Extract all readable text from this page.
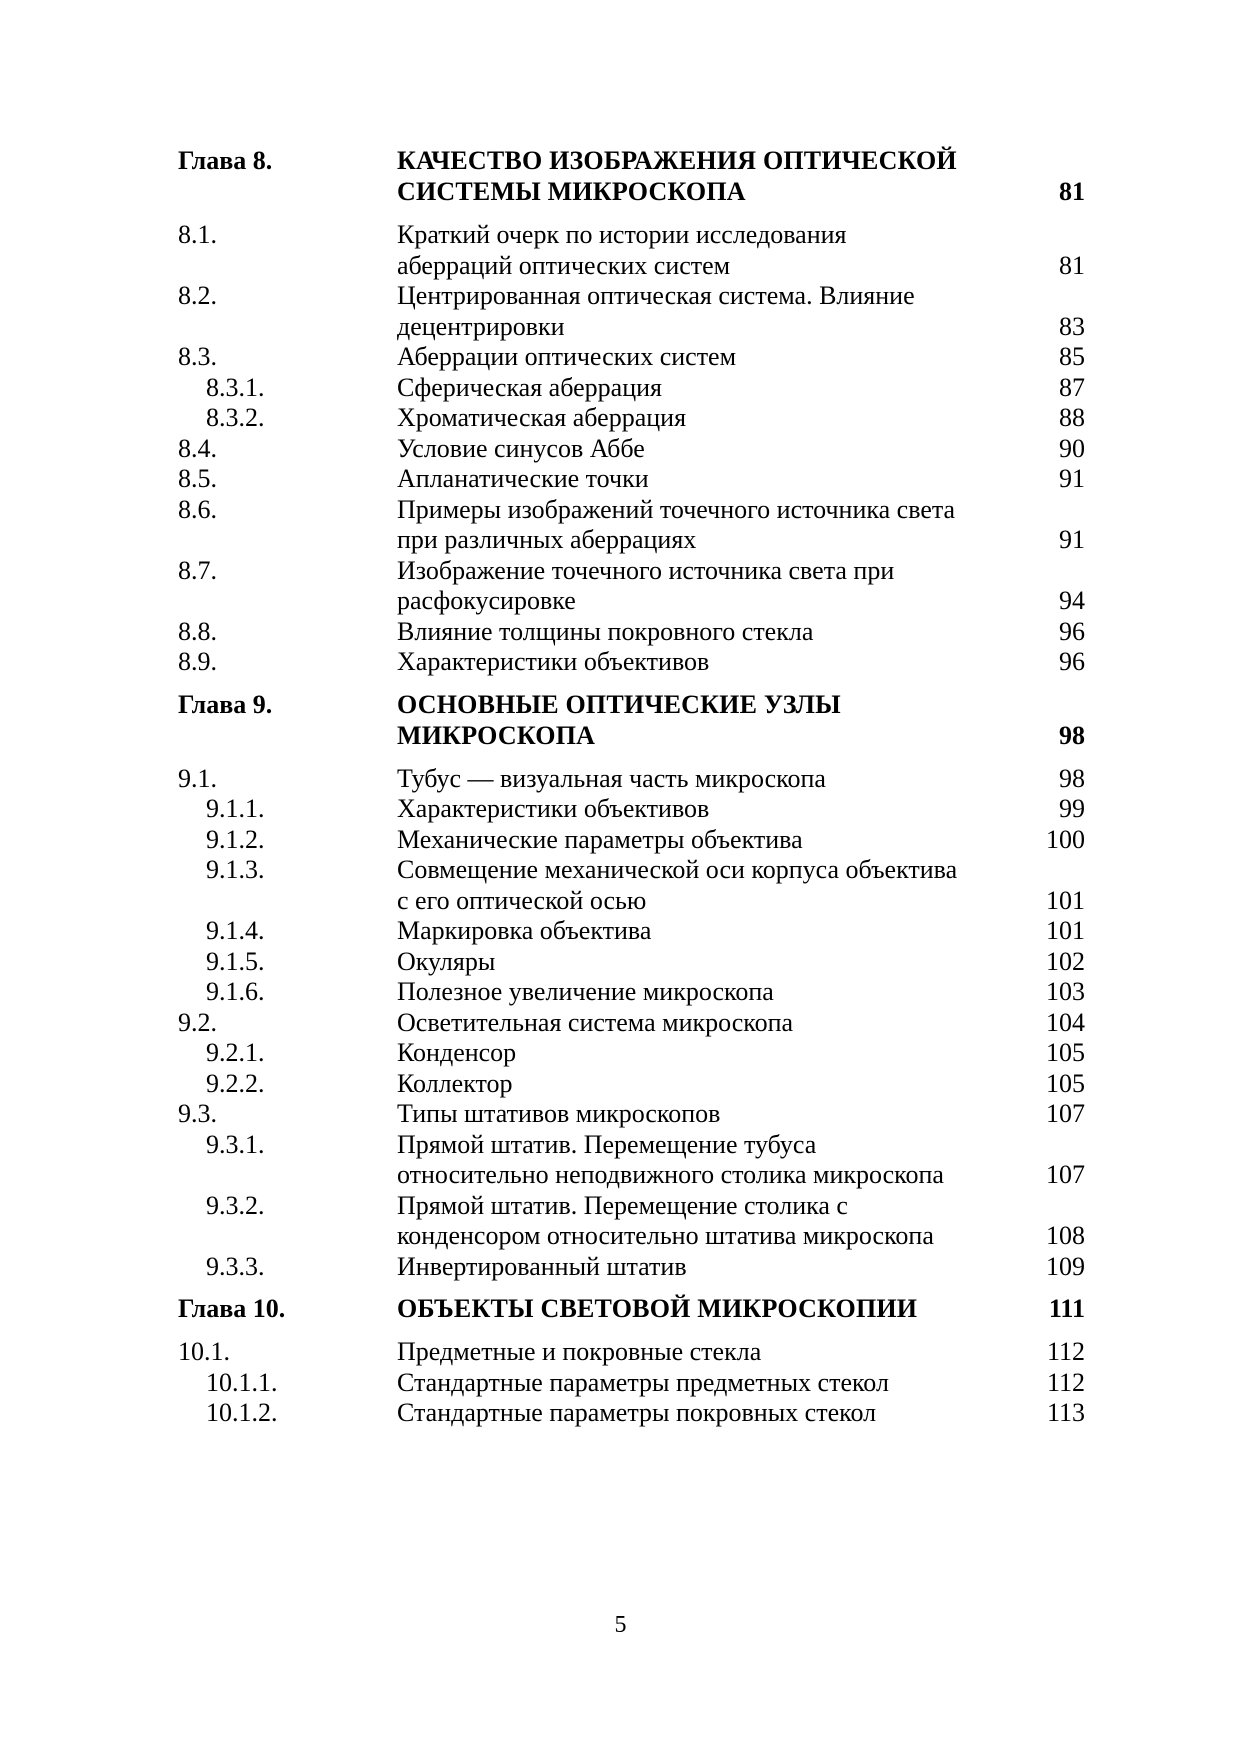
Глава 8.	КАЧЕСТВО ИЗОБРАЖЕНИЯ ОПТИЧЕСКОЙ
СИСТЕМЫ МИКРОСКОПА	81
8.1.	Краткий очерк по истории исследования
аберраций оптических систем	81
8.2.	Центрированная оптическая система. Влияние
децентрировки	83
8.3.	Аберрации оптических систем	85
8.3.1.	Сферическая аберрация	87
8.3.2.	Хроматическая аберрация	88
8.4.	Условие синусов Аббе	90
8.5.	Апланатические точки	91
8.6.	Примеры изображений точечного источника света
при различных аберрациях	91
8.7.	Изображение точечного источника света при
расфокусировке	94
8.8.	Влияние толщины покровного стекла	96
8.9.	Характеристики объективов	96
Глава 9.	ОСНОВНЫЕ ОПТИЧЕСКИЕ УЗЛЫ
МИКРОСКОПА	98
9.1.	Тубус — визуальная часть микроскопа	98
9.1.1.	Характеристики объективов	99
9.1.2.	Механические параметры объектива	100
9.1.3.	Совмещение механической оси корпуса объектива
с его оптической осью	101
9.1.4.	Маркировка объектива	101
9.1.5.	Окуляры	102
9.1.6.	Полезное увеличение микроскопа	103
9.2.	Осветительная система микроскопа	104
9.2.1.	Конденсор	105
9.2.2.	Коллектор	105
9.3.	Типы штативов микроскопов	107
9.3.1.	Прямой штатив. Перемещение тубуса
относительно неподвижного столика микроскопа	107
9.3.2.	Прямой штатив. Перемещение столика с
конденсором относительно штатива микроскопа	108
9.3.3.	Инвертированный штатив	109
Глава 10.	ОБЪЕКТЫ СВЕТОВОЙ МИКРОСКОПИИ	111
10.1.	Предметные и покровные стекла	112
10.1.1.	Стандартные параметры предметных стекол	112
10.1.2.	Стандартные параметры покровных стекол	113
5
